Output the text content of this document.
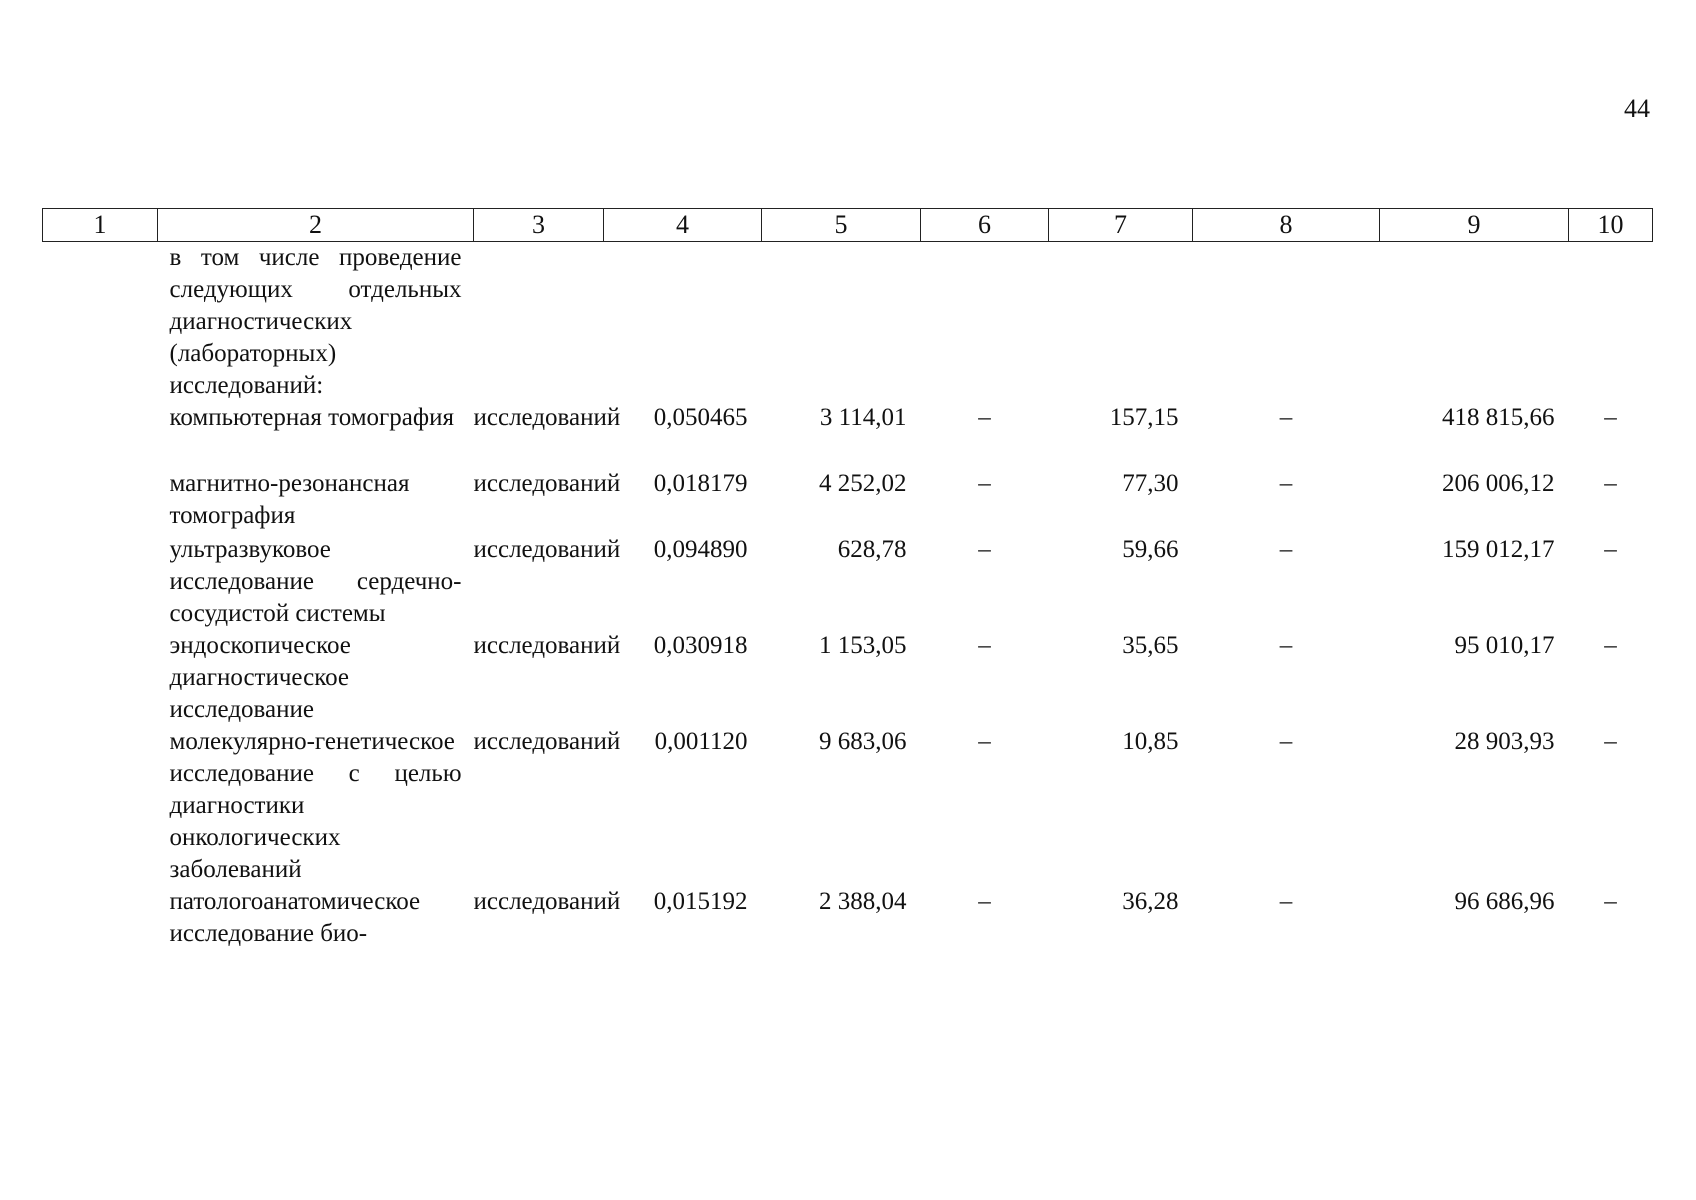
44
1	2	3	4	5	6	7	8	9	10
	в том числе проведение следующих отдельных диагностических (лабораторных) исследований:								
	компьютерная томография	исследований	0,050465	3 114,01	–	157,15	–	418 815,66	–
	магнитно-резонансная томография	исследований	0,018179	4 252,02	–	77,30	–	206 006,12	–
	ультразвуковое исследование сердечно-сосудистой системы	исследований	0,094890	628,78	–	59,66	–	159 012,17	–
	эндоскопическое диагностическое исследование	исследований	0,030918	1 153,05	–	35,65	–	95 010,17	–
	молекулярно-генетическое исследование с целью диагностики онкологических заболеваний	исследований	0,001120	9 683,06	–	10,85	–	28 903,93	–
	патологоанатомическое исследование био-	исследований	0,015192	2 388,04	–	36,28	–	96 686,96	–
